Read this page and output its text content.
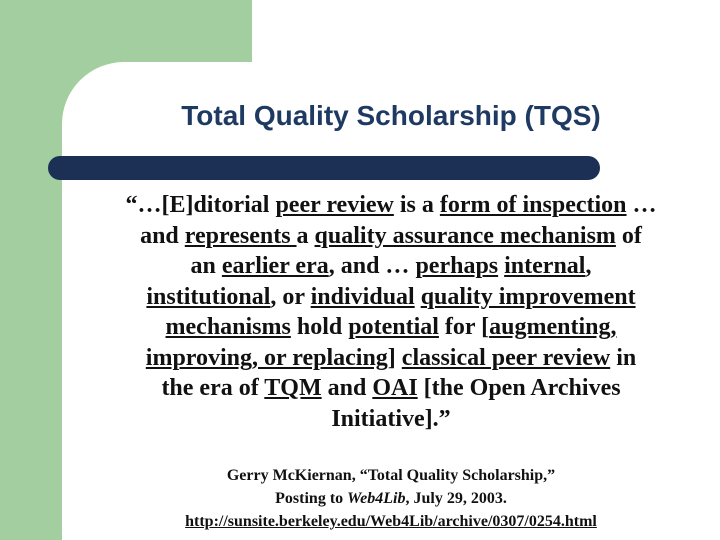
Total Quality Scholarship (TQS)
“…[E]ditorial peer review is a form of inspection …
and represents a quality assurance mechanism of
an earlier era, and … perhaps internal,
institutional, or individual quality improvement
mechanisms hold potential for [augmenting,
improving, or replacing] classical peer review in
the era of TQM and OAI [the Open Archives
Initiative].”
Gerry McKiernan, “Total Quality Scholarship,”
Posting to Web4Lib, July 29, 2003.
http://sunsite.berkeley.edu/Web4Lib/archive/0307/0254.html
